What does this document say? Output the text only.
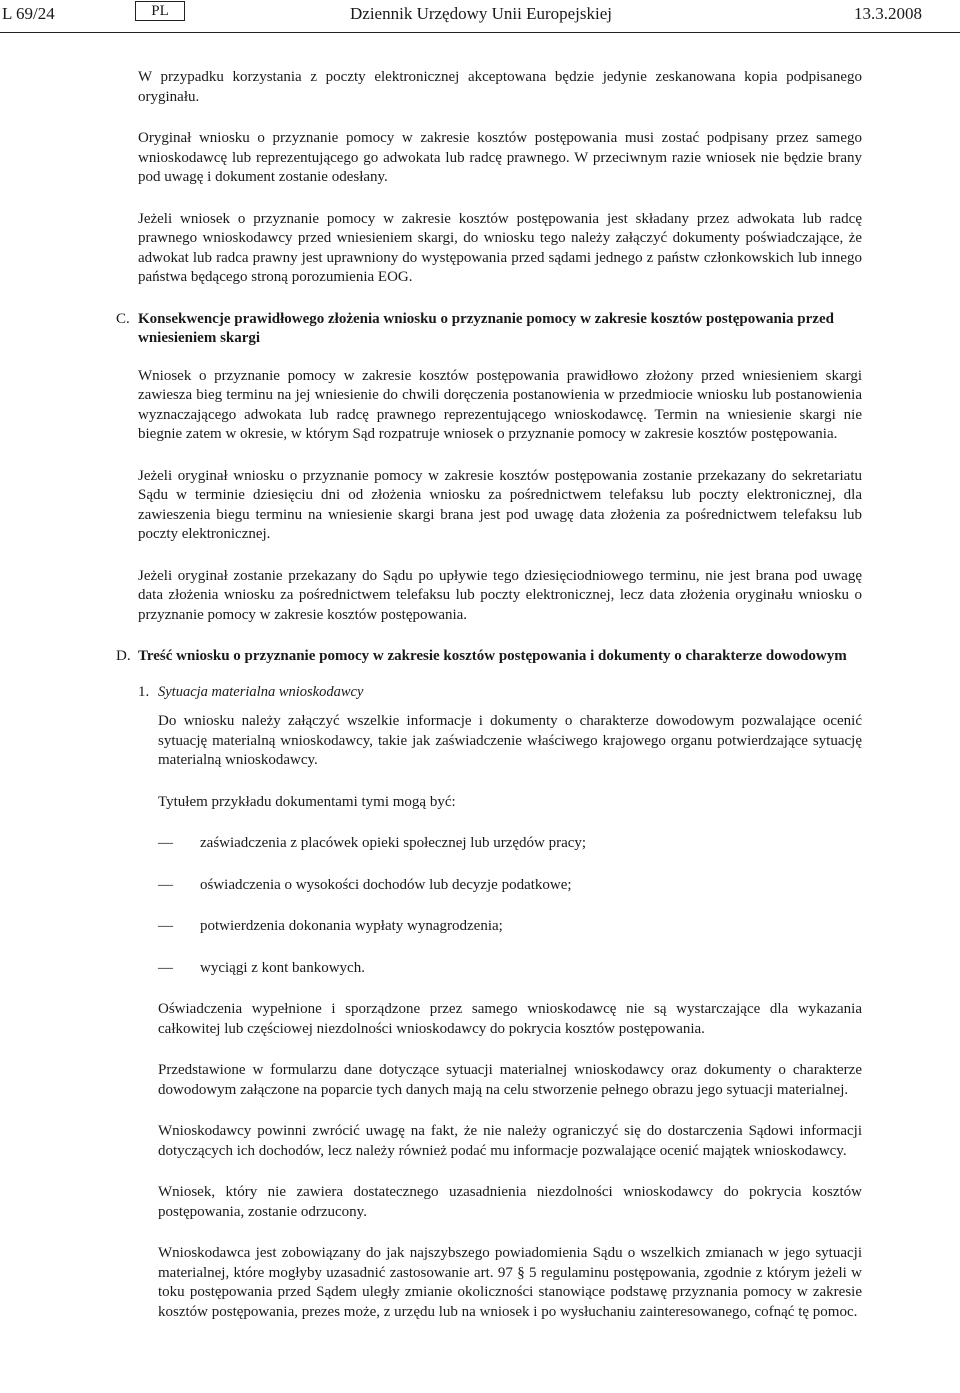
L 69/24	PL	Dziennik Urzędowy Unii Europejskiej	13.3.2008

W przypadku korzystania z poczty elektronicznej akceptowana będzie jedynie zeskanowana kopia podpisanego oryginału.

Oryginał wniosku o przyznanie pomocy w zakresie kosztów postępowania musi zostać podpisany przez samego wnioskodawcę lub reprezentującego go adwokata lub radcę prawnego. W przeciwnym razie wniosek nie będzie brany pod uwagę i dokument zostanie odesłany.

Jeżeli wniosek o przyznanie pomocy w zakresie kosztów postępowania jest składany przez adwokata lub radcę prawnego wnioskodawcy przed wniesieniem skargi, do wniosku tego należy załączyć dokumenty poświadczające, że adwokat lub radca prawny jest uprawniony do występowania przed sądami jednego z państw członkowskich lub innego państwa będącego stroną porozumienia EOG.

C. Konsekwencje prawidłowego złożenia wniosku o przyznanie pomocy w zakresie kosztów postępowania przed wniesieniem skargi

Wniosek o przyznanie pomocy w zakresie kosztów postępowania prawidłowo złożony przed wniesieniem skargi zawiesza bieg terminu na jej wniesienie do chwili doręczenia postanowienia w przedmiocie wniosku lub postanowienia wyznaczającego adwokata lub radcę prawnego reprezentującego wnioskodawcę. Termin na wniesienie skargi nie biegnie zatem w okresie, w którym Sąd rozpatruje wniosek o przyznanie pomocy w zakresie kosztów postępowania.

Jeżeli oryginał wniosku o przyznanie pomocy w zakresie kosztów postępowania zostanie przekazany do sekretariatu Sądu w terminie dziesięciu dni od złożenia wniosku za pośrednictwem telefaksu lub poczty elektronicznej, dla zawieszenia biegu terminu na wniesienie skargi brana jest pod uwagę data złożenia za pośrednictwem telefaksu lub poczty elektronicznej.

Jeżeli oryginał zostanie przekazany do Sądu po upływie tego dziesięciodniowego terminu, nie jest brana pod uwagę data złożenia wniosku za pośrednictwem telefaksu lub poczty elektronicznej, lecz data złożenia oryginału wniosku o przyznanie pomocy w zakresie kosztów postępowania.

D. Treść wniosku o przyznanie pomocy w zakresie kosztów postępowania i dokumenty o charakterze dowodowym
1. Sytuacja materialna wnioskodawcy

Do wniosku należy załączyć wszelkie informacje i dokumenty o charakterze dowodowym pozwalające ocenić sytuację materialną wnioskodawcy, takie jak zaświadczenie właściwego krajowego organu potwierdzające sytuację materialną wnioskodawcy.

Tytułem przykładu dokumentami tymi mogą być:

— zaświadczenia z placówek opieki społecznej lub urzędów pracy;
— oświadczenia o wysokości dochodów lub decyzje podatkowe;
— potwierdzenia dokonania wypłaty wynagrodzenia;
— wyciągi z kont bankowych.

Oświadczenia wypełnione i sporządzone przez samego wnioskodawcę nie są wystarczające dla wykazania całkowitej lub częściowej niezdolności wnioskodawcy do pokrycia kosztów postępowania.

Przedstawione w formularzu dane dotyczące sytuacji materialnej wnioskodawcy oraz dokumenty o charakterze dowodowym załączone na poparcie tych danych mają na celu stworzenie pełnego obrazu jego sytuacji materialnej.

Wnioskodawcy powinni zwrócić uwagę na fakt, że nie należy ograniczyć się do dostarczenia Sądowi informacji dotyczących ich dochodów, lecz należy również podać mu informacje pozwalające ocenić majątek wnioskodawcy.

Wniosek, który nie zawiera dostatecznego uzasadnienia niezdolności wnioskodawcy do pokrycia kosztów postępowania, zostanie odrzucony.

Wnioskodawca jest zobowiązany do jak najszybszego powiadomienia Sądu o wszelkich zmianach w jego sytuacji materialnej, które mogłyby uzasadnić zastosowanie art. 97 § 5 regulaminu postępowania, zgodnie z którym jeżeli w toku postępowania przed Sądem uległy zmianie okoliczności stanowiące podstawę przyznania pomocy w zakresie kosztów postępowania, prezes może, z urzędu lub na wniosek i po wysłuchaniu zainteresowanego, cofnąć tę pomoc.
